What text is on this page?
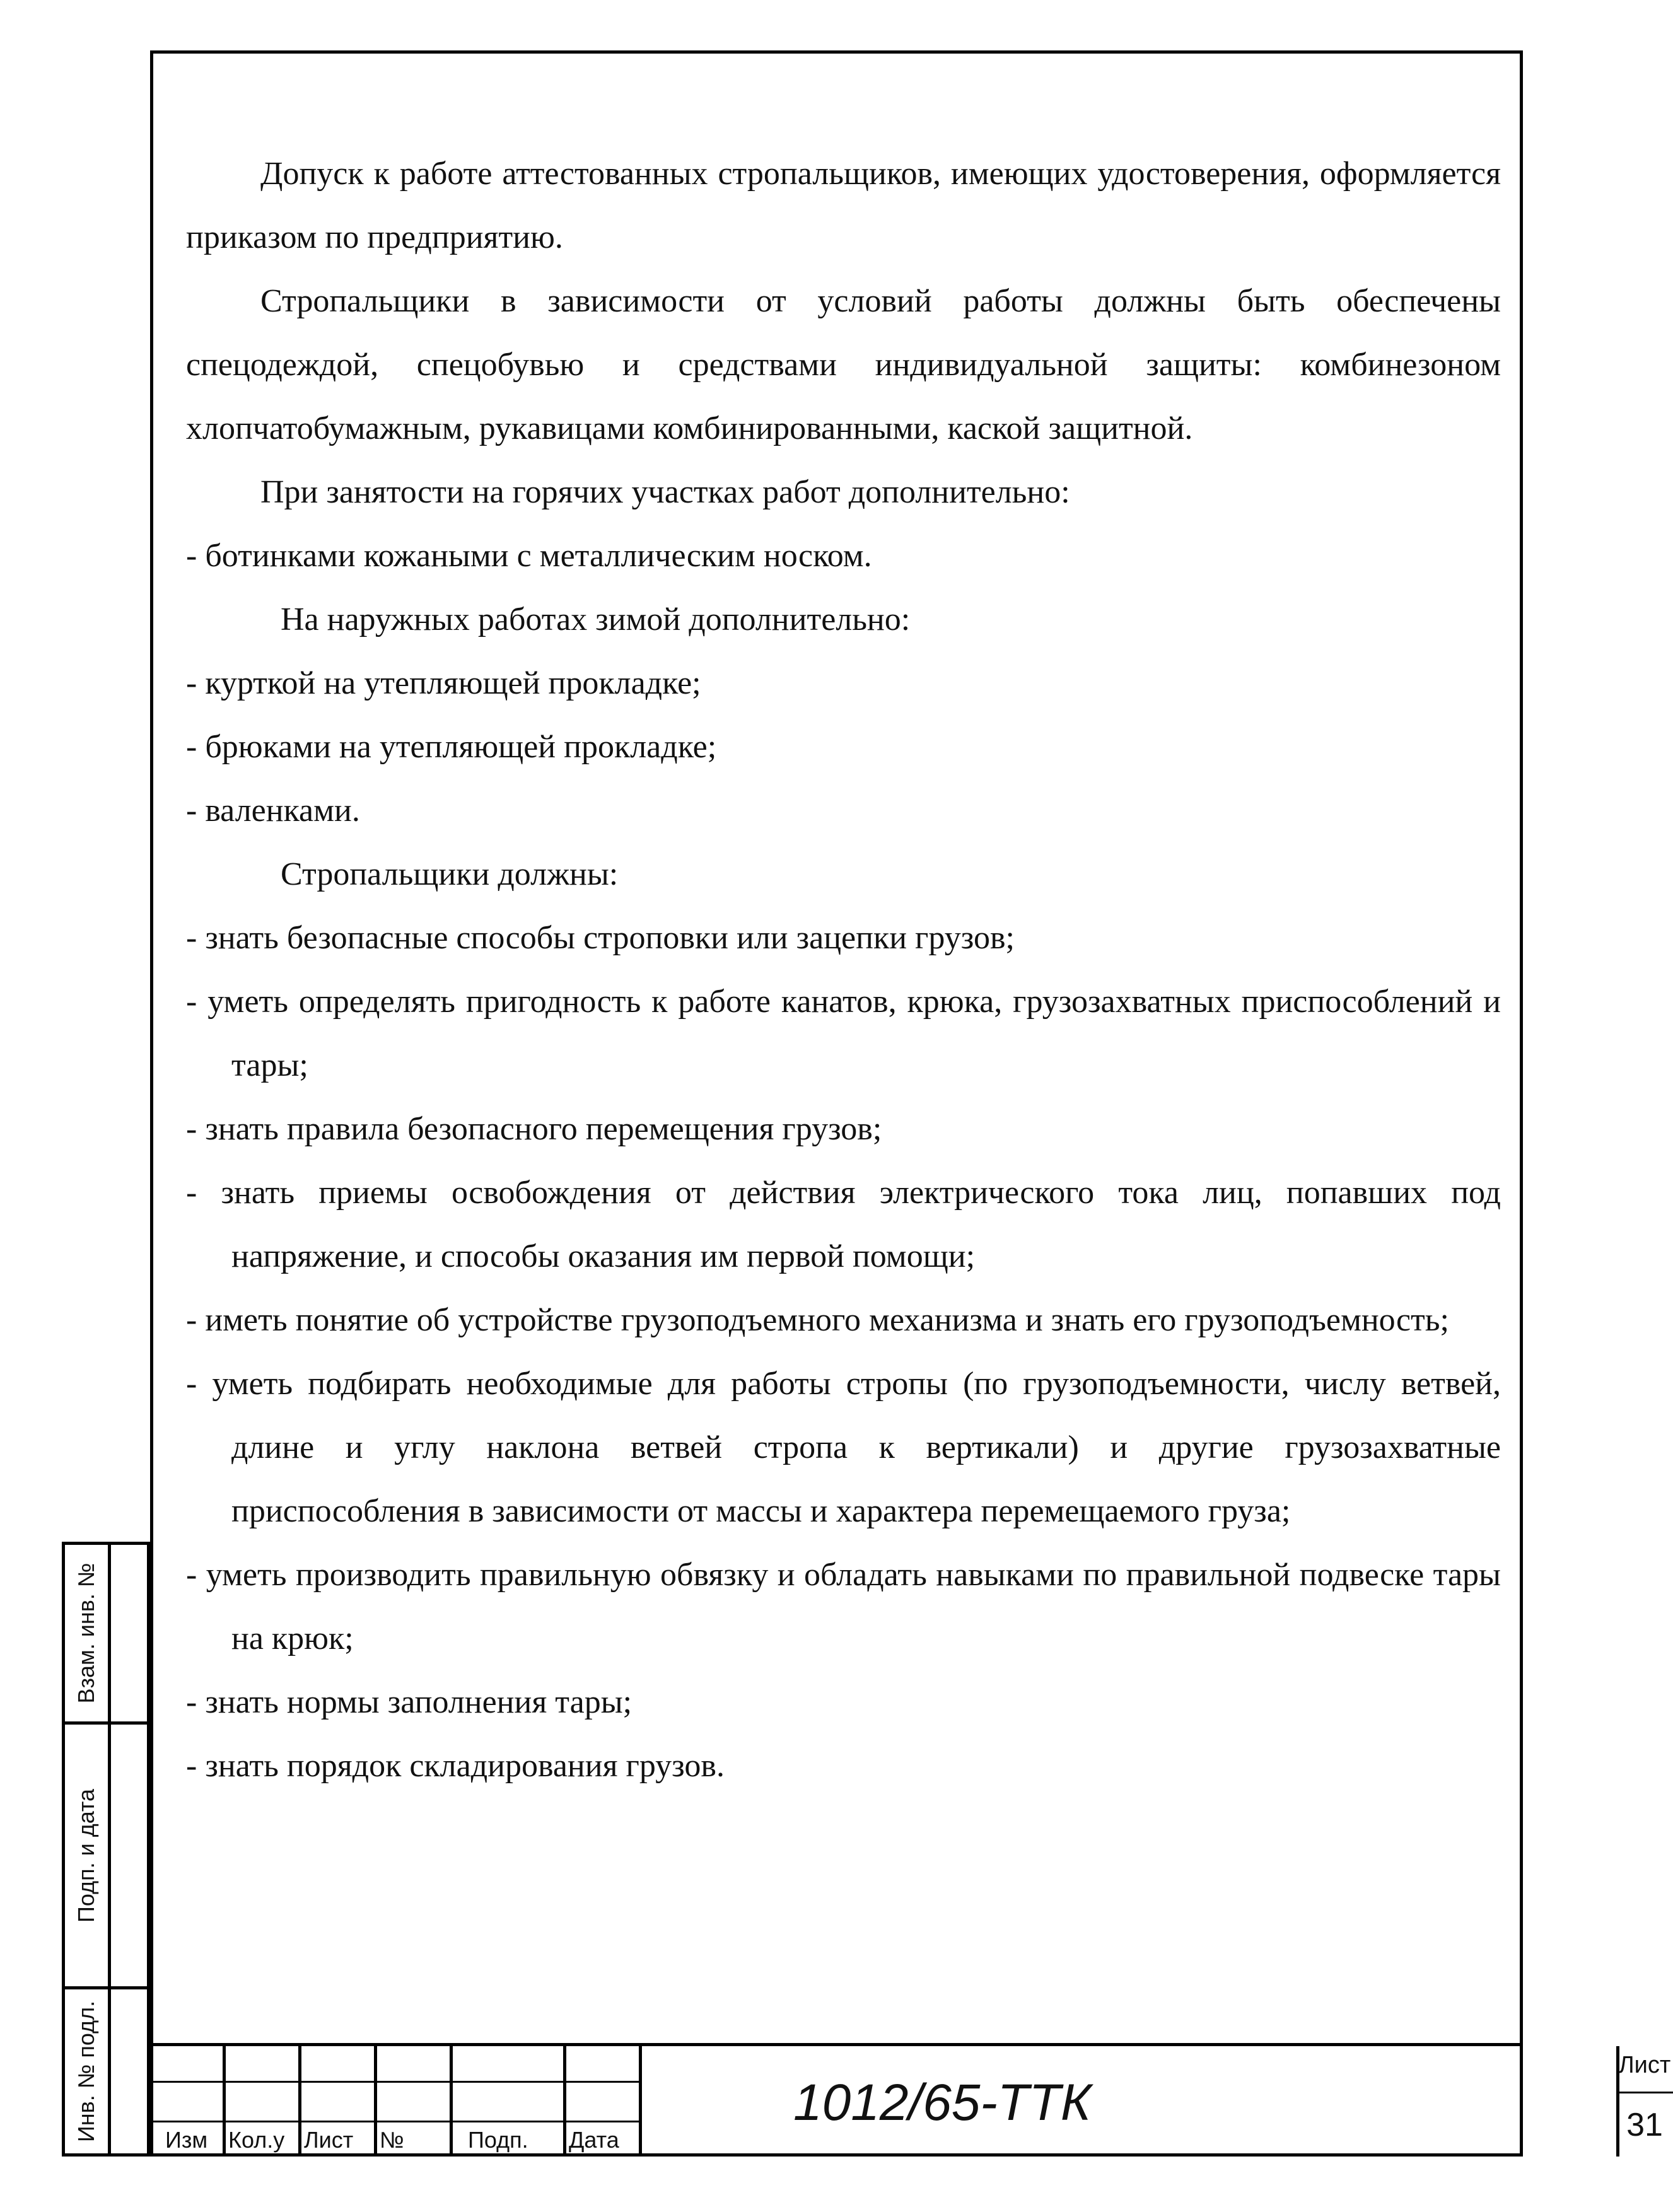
Допуск к работе аттестованных стропальщиков, имеющих удостоверения, оформляется приказом по предприятию.

Стропальщики в зависимости от условий работы должны быть обеспечены спецодеждой, спецобувью и средствами индивидуальной защиты: комбинезоном хлопчатобумажным, рукавицами комбинированными, каской защитной.

При занятости на горячих участках работ дополнительно:

- ботинками кожаными с металлическим носком.

На наружных работах зимой дополнительно:

- курткой на утепляющей прокладке;

- брюками на утепляющей прокладке;

- валенками.

Стропальщики должны:

- знать безопасные способы строповки или зацепки грузов;

- уметь определять пригодность к работе канатов, крюка, грузозахватных приспособлений и тары;

- знать правила безопасного перемещения грузов;

- знать приемы освобождения от действия электрического тока лиц, попавших под напряжение, и способы оказания им первой помощи;

- иметь понятие об устройстве грузоподъемного механизма и знать его грузоподъемность;

- уметь подбирать необходимые для работы стропы (по грузоподъемности, числу ветвей, длине и углу наклона ветвей стропа к вертикали) и другие грузозахватные приспособления в зависимости от массы и характера перемещаемого груза;

- уметь производить правильную обвязку и обладать навыками по правильной подвеске тары на крюк;

- знать нормы заполнения тары;

- знать порядок складирования грузов.

Взам. инв. №
Подп. и дата
Инв. № подл.	Изм Кол.у Лист	№	Подп.	Дата
1012/65-ТТК
Лист
31
